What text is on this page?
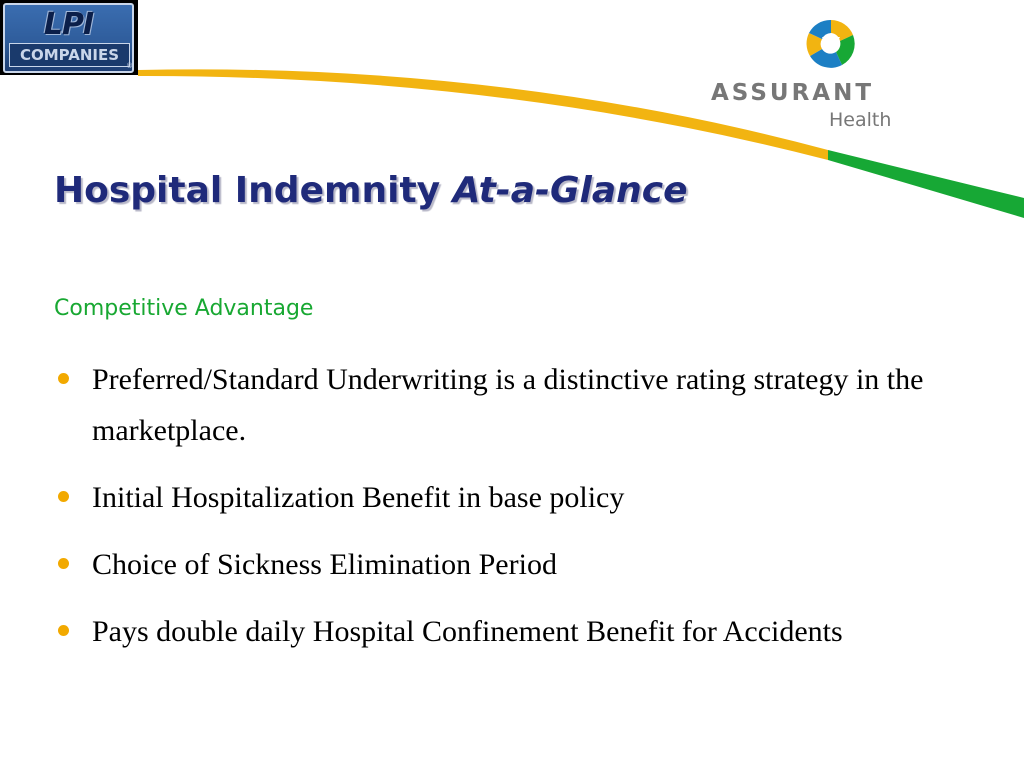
LPI
COMPANIES
®
ASSURANT
Health
Hospital Indemnity At-a-Glance
Competitive Advantage
Preferred/Standard Underwriting is a distinctive rating strategy in the marketplace.
Initial Hospitalization Benefit in base policy
Choice of Sickness Elimination Period
Pays double daily Hospital Confinement Benefit for Accidents
